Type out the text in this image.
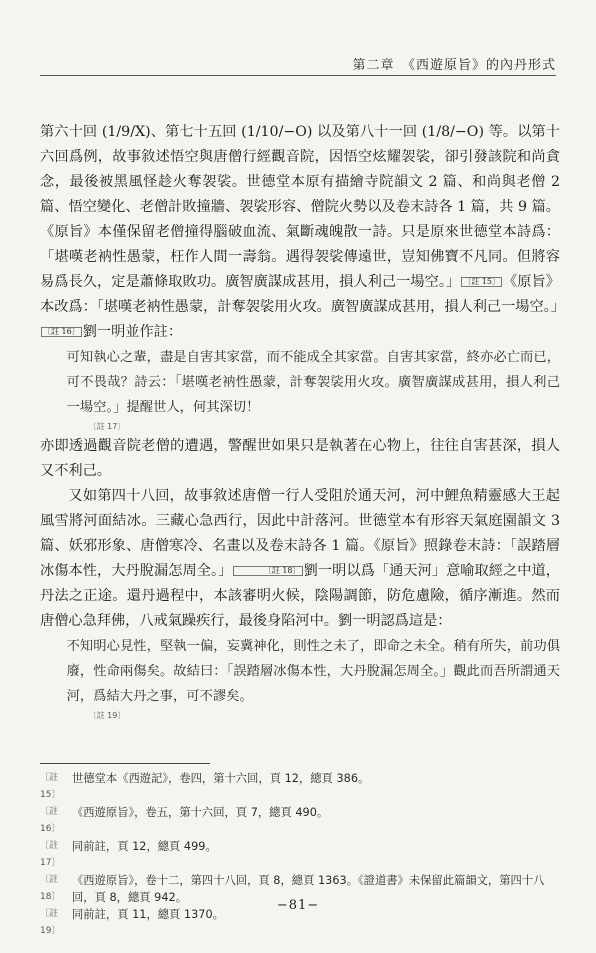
第二章　《西遊原旨》的內丹形式

第六十回 (1/9/X)、第七十五回 (1/10/−O) 以及第八十一回 (1/8/−O) 等。以第十六回爲例，故事敘述悟空與唐僧行經觀音院，因悟空炫耀袈裟，卻引發該院和尚貪念，最後被黑風怪趁火奪袈裟。世德堂本原有描繪寺院韻文 2 篇、和尚與老僧 2 篇、悟空變化、老僧計敗撞牆、袈裟形容、僧院火勢以及卷末詩各 1 篇，共 9 篇。《原旨》本僅保留老僧撞得腦破血流、氣斷魂魄散一詩。只是原來世德堂本詩爲：「堪嘆老衲性愚蒙，枉作人間一壽翁。遇得袈裟傳遠世，豈知佛寶不凡同。但將容易爲長久，定是蕭條取敗功。廣智廣謀成甚用，損人利己一場空。」 〔註 15〕 《原旨》本改爲：「堪嘆老衲性愚蒙，計奪袈裟用火攻。廣智廣謀成甚用，損人利己一場空。」〔註 16〕 劉一明並作註：

可知執心之輩，盡是自害其家當，而不能成全其家當。自害其家當，終亦必亡而已，可不畏哉？詩云：「堪嘆老衲性愚蒙，計奪袈裟用火攻。廣智廣謀成甚用，損人利己一場空。」提醒世人，何其深切！
〔註 17〕

亦即透過觀音院老僧的遭遇，警醒世如果只是執著在心物上，往往自害甚深，損人又不利己。

又如第四十八回，故事敘述唐僧一行人受阻於通天河，河中鯉魚精靈感大王起風雪將河面結冰。三藏心急西行，因此中計落河。世德堂本有形容天氣庭園韻文 3 篇、妖邪形象、唐僧寒冷、名畫以及卷末詩各 1 篇。《原旨》照錄卷末詩：「誤踏層冰傷本性，大丹脫漏怎周全。」	〔註 18〕 劉一明以爲「通天河」意喻取經之中道，丹法之正途。還丹過程中，本該審明火候，陰陽調節，防危慮險，循序漸進。然而唐僧心急拜佛，八戒氣躁疾行，最後身陷河中。劉一明認爲這是：

不知明心見性，堅執一偏，妄冀神化，則性之未了，即命之未全。稍有所失，前功俱廢，性命兩傷矣。故結曰：「誤踏層冰傷本性，大丹脫漏怎周全。」觀此而吾所謂通天河，爲結大丹之事，可不謬矣。
〔註 19〕
〔註 15〕
世德堂本《西遊記》，卷四，第十六回，頁 12，總頁 386。
〔註 16〕
《西遊原旨》，卷五，第十六回，頁 7，總頁 490。
〔註 17〕
同前註，頁 12，總頁 499。
〔註 18〕
《西遊原旨》，卷十二，第四十八回，頁 8，總頁 1363。《證道書》未保留此篇韻文，第四十八回，頁 8，總頁 942。
〔註 19〕
同前註，頁 11，總頁 1370。
−81−
